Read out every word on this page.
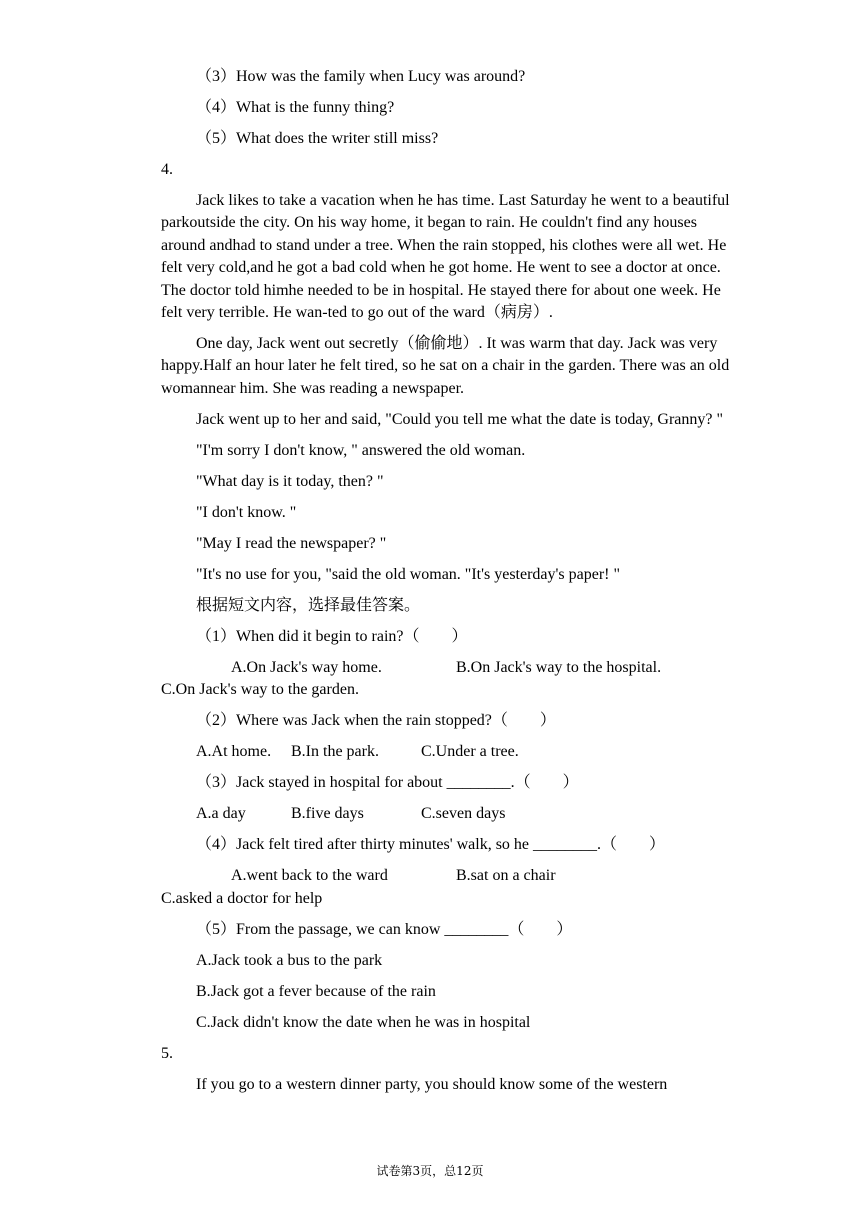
（3）How was the family when Lucy was around?
（4）What is the funny thing?
（5）What does the writer still miss?
4.

Jack likes to take a vacation when he has time. Last Saturday he went to a beautiful parkoutside the city. On his way home, it began to rain. He couldn't find any houses around andhad to stand under a tree. When the rain stopped, his clothes were all wet. He felt very cold,and he got a bad cold when he got home. He went to see a doctor at once. The doctor told himhe needed to be in hospital. He stayed there for about one week. He felt very terrible. He wan-ted to go out of the ward（病房）.

One day, Jack went out secretly（偷偷地）. It was warm that day. Jack was very happy.Half an hour later he felt tired, so he sat on a chair in the garden. There was an old womannear him. She was reading a newspaper.

Jack went up to her and said, "Could you tell me what the date is today, Granny? "

"I'm sorry I don't know, " answered the old woman.
"What day is it today, then? "
"I don't know. "
"May I read the newspaper? "
"It's no use for you, "said the old woman. "It's yesterday's paper! "
根据短文内容，选择最佳答案。
（1）When did it begin to rain?（　　）
A.On Jack's way home.	B.On Jack's way to the hospital.
C.On Jack's way to the garden.
（2）Where was Jack when the rain stopped?（　　）
A.At home. B.In the park.	C.Under a tree.
（3）Jack stayed in hospital for about ________.（　　）
A.a day	B.five days	C.seven days
（4）Jack felt tired after thirty minutes' walk, so he ________.（　　）
A.went back to the ward	B.sat on a chair
C.asked a doctor for help
（5）From the passage, we can know ________（　　）
A.Jack took a bus to the park
B.Jack got a fever because of the rain
C.Jack didn't know the date when he was in hospital
5.
If you go to a western dinner party, you should know some of the western
试卷第3页，总12页
